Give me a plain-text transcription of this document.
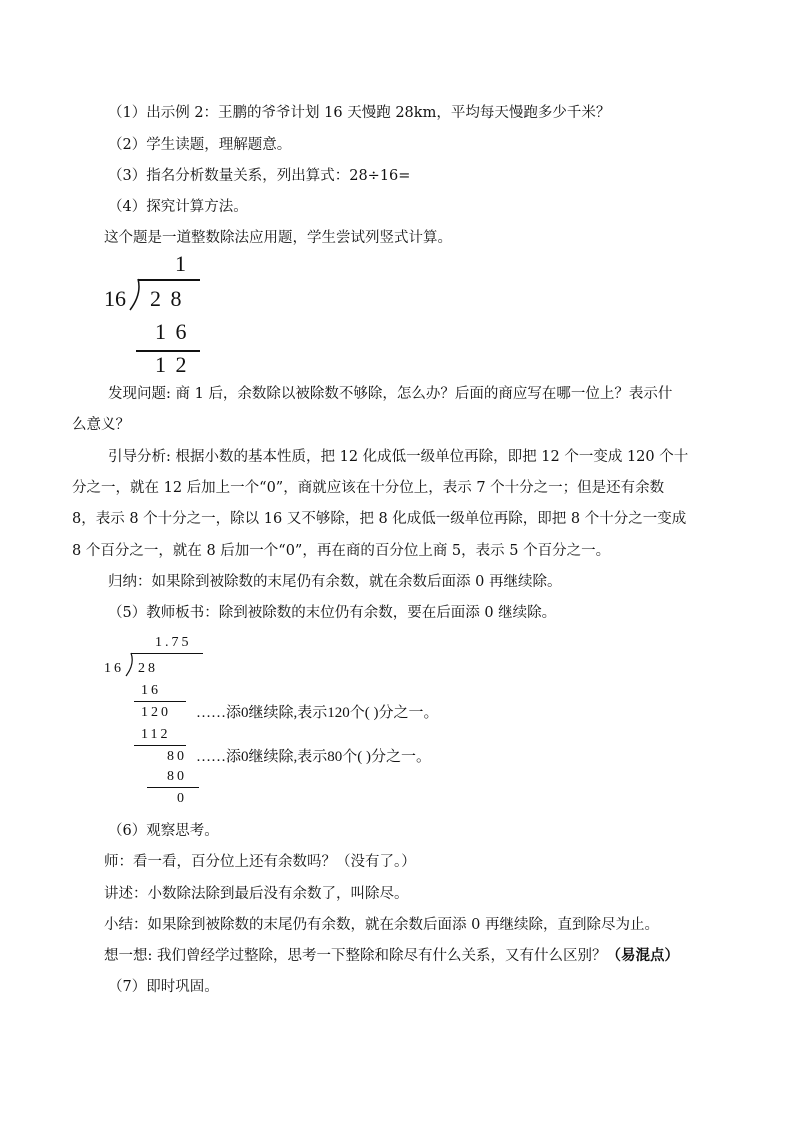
（1）出示例 2：王鹏的爷爷计划 16 天慢跑 28km，平均每天慢跑多少千米？
（2）学生读题，理解题意。
（3）指名分析数量关系，列出算式：28÷16=
（4）探究计算方法。
这个题是一道整数除法应用题，学生尝试列竖式计算。
1
16 2 8
1 6
1 2
发现问题: 商 1 后，余数除以被除数不够除，怎么办？后面的商应写在哪一位上？表示什
么意义？
引导分析: 根据小数的基本性质，把 12 化成低一级单位再除，即把 12 个一变成 120 个十
分之一，就在 12 后加上一个“0”，商就应该在十分位上，表示 7 个十分之一；但是还有余数
8，表示 8 个十分之一，除以 16 又不够除，把 8 化成低一级单位再除，即把 8 个十分之一变成
8 个百分之一，就在 8 后加一个“0”，再在商的百分位上商 5，表示 5 个百分之一。
归纳：如果除到被除数的末尾仍有余数，就在余数后面添 0 再继续除。
（5）教师板书：除到被除数的末位仍有余数，要在后面添 0 继续除。
1.75
16 28
16
120 ……添0继续除,表示120个( )分之一。
112
80 ……添0继续除,表示80个( )分之一。
80
0
（6）观察思考。
师：看一看，百分位上还有余数吗？（没有了。）
讲述：小数除法除到最后没有余数了，叫除尽。
小结：如果除到被除数的末尾仍有余数，就在余数后面添 0 再继续除，直到除尽为止。
想一想: 我们曾经学过整除，思考一下整除和除尽有什么关系，又有什么区别？（易混点）
（7）即时巩固。
